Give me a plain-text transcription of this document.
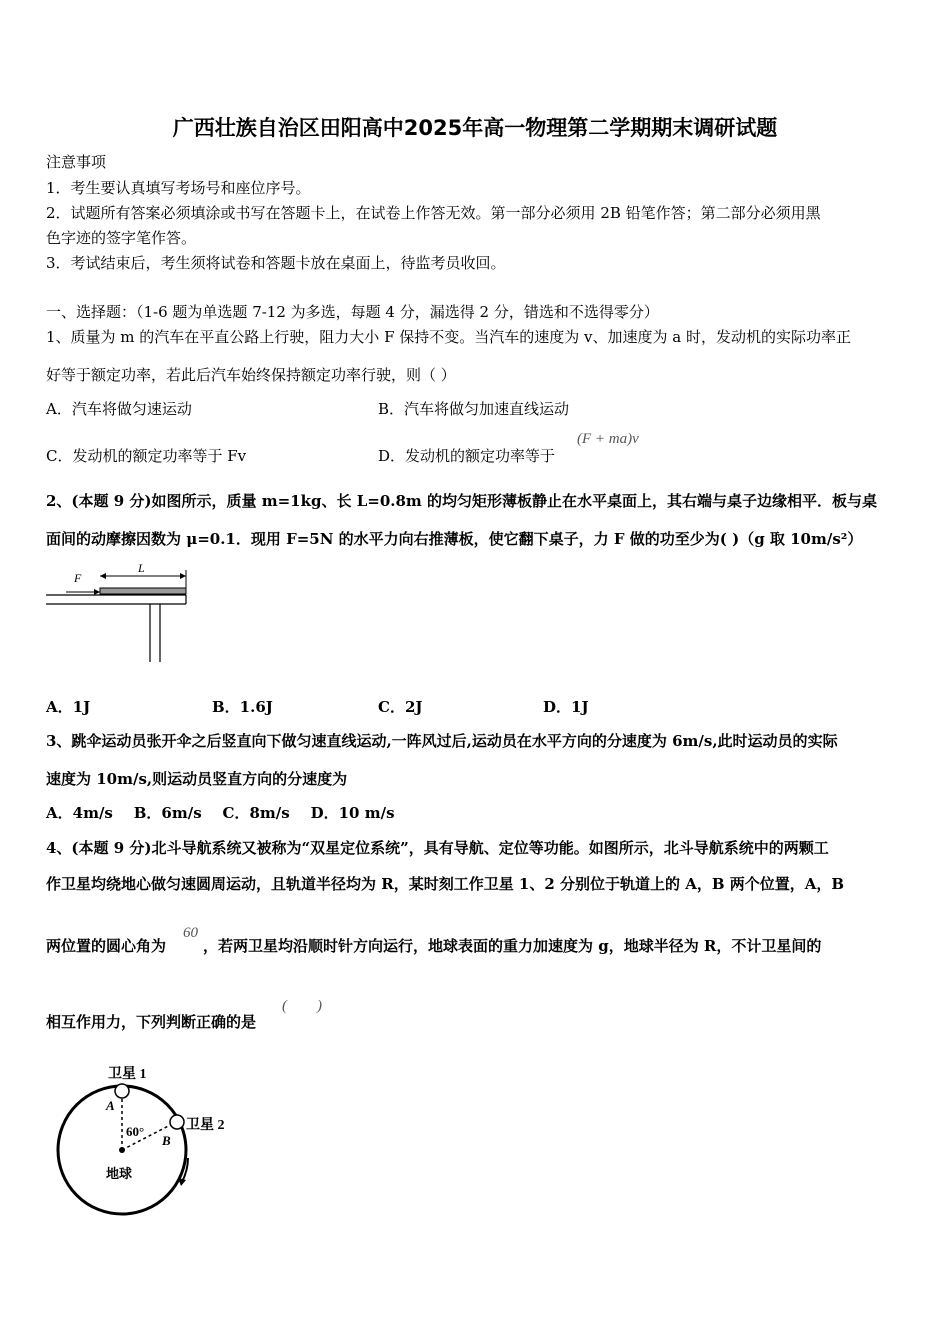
广西壮族自治区田阳高中2025年高一物理第二学期期末调研试题
注意事项
1．考生要认真填写考场号和座位序号。
2．试题所有答案必须填涂或书写在答题卡上，在试卷上作答无效。第一部分必须用 2B 铅笔作答；第二部分必须用黑
色字迹的签字笔作答。
3．考试结束后，考生须将试卷和答题卡放在桌面上，待监考员收回。
一、选择题：（1-6 题为单选题 7-12 为多选，每题 4 分，漏选得 2 分，错选和不选得零分）
1、质量为 m 的汽车在平直公路上行驶，阻力大小 F 保持不变。当汽车的速度为 v、加速度为 a 时，发动机的实际功率正
好等于额定功率，若此后汽车始终保持额定功率行驶，则（ ）
A．汽车将做匀速运动	B．汽车将做匀加速直线运动
C．发动机的额定功率等于 Fv	D．发动机的额定功率等于
(F + ma)v
2、(本题 9 分)如图所示，质量 m=1kg、长 L=0.8m 的均匀矩形薄板静止在水平桌面上，其右端与桌子边缘相平．板与桌
面间的动摩擦因数为 μ=0.1．现用 F=5N 的水平力向右推薄板，使它翻下桌子，力 F 做的功至少为( )（g 取 10m/s²）
F
L
A．1J	B．1.6J	C．2J	D．1J
3、跳伞运动员张开伞之后竖直向下做匀速直线运动,一阵风过后,运动员在水平方向的分速度为 6m/s,此时运动员的实际
速度为 10m/s,则运动员竖直方向的分速度为
A．4m/s    B．6m/s    C．8m/s    D．10 m/s
4、(本题 9 分)北斗导航系统又被称为“双星定位系统”，具有导航、定位等功能。如图所示，北斗导航系统中的两颗工
作卫星均绕地心做匀速圆周运动，且轨道半径均为 R，某时刻工作卫星 1、2 分别位于轨道上的 A，B 两个位置，A，B
两位置的圆心角为
60
，若两卫星均沿顺时针方向运行，地球表面的重力加速度为 g，地球半径为 R，不计卫星间的
相互作用力，下列判断正确的是
(        )
卫星 1
卫星 2
A
B
60°
地球
